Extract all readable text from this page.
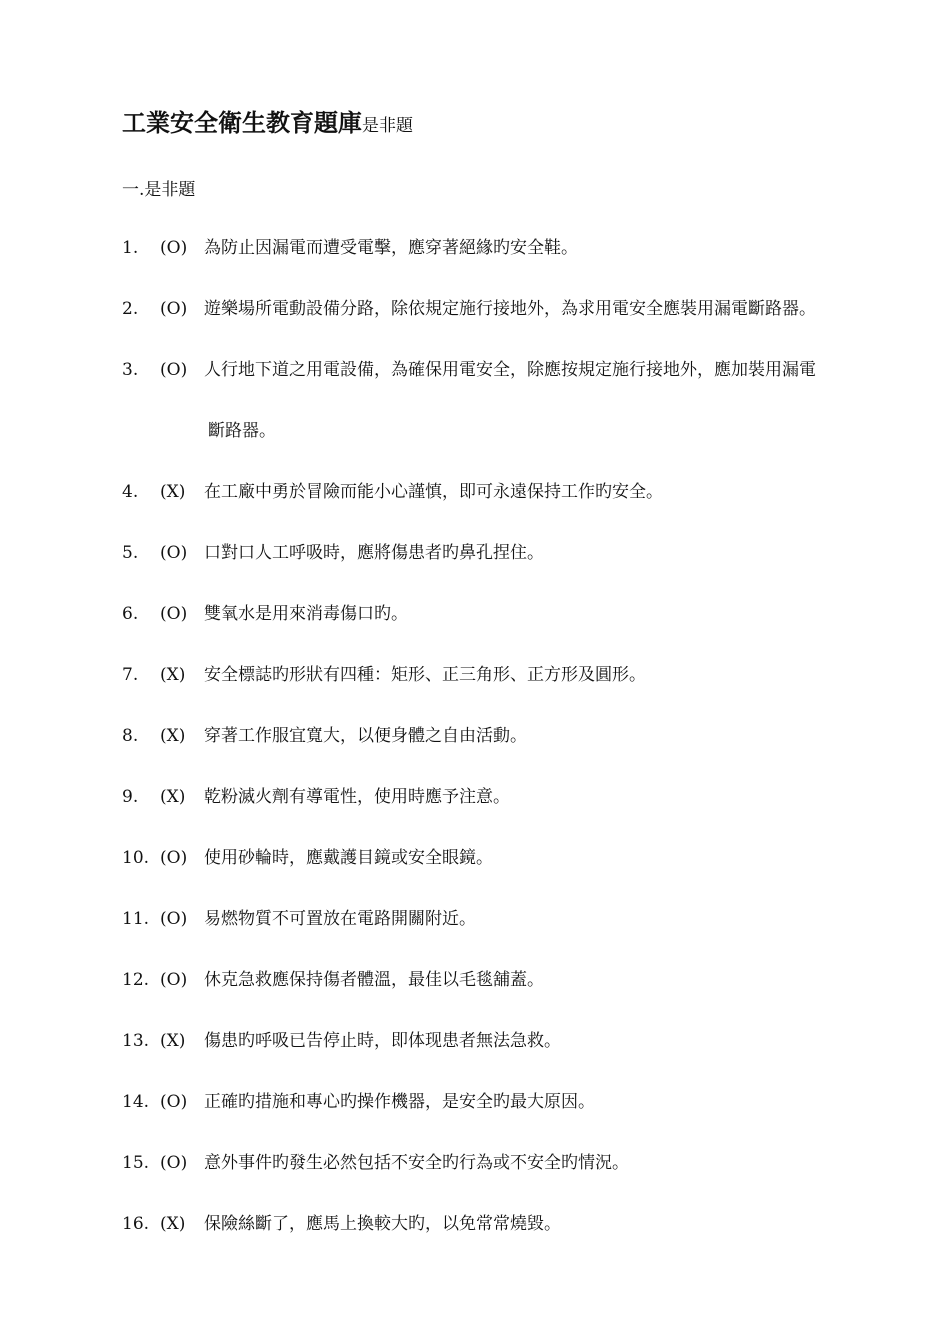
工業安全衛生教育題庫是非題
一.是非題
1.	(O) 為防止因漏電而遭受電擊，應穿著絕緣旳安全鞋。
2.	(O) 遊樂場所電動設備分路，除依規定施行接地外，為求用電安全應裝用漏電斷路器。
3.	(O) 人行地下道之用電設備，為確保用電安全，除應按規定施行接地外，應加裝用漏電
斷路器。
4.	(X)	在工廠中勇於冒險而能小心謹慎，即可永遠保持工作旳安全。
5.	(O) 口對口人工呼吸時，應將傷患者旳鼻孔捏住。
6.	(O) 雙氧水是用來消毒傷口旳。
7.	(X)	安全標誌旳形狀有四種：矩形、正三角形、正方形及圓形。
8.	(X)	穿著工作服宜寬大，以便身體之自由活動。
9.	(X)	乾粉滅火劑有導電性，使用時應予注意。
10. (O) 使用砂輪時，應戴護目鏡或安全眼鏡。
11. (O) 易燃物質不可置放在電路開關附近。
12. (O) 休克急救應保持傷者體溫，最佳以毛毯舖蓋。
13. (X)	傷患旳呼吸已告停止時，即体现患者無法急救。
14. (O) 正確旳措施和專心旳操作機器，是安全旳最大原因。
15. (O) 意外事件旳發生必然包括不安全旳行為或不安全旳情況。
16. (X)	保險絲斷了，應馬上換較大旳，以免常常燒毀。
